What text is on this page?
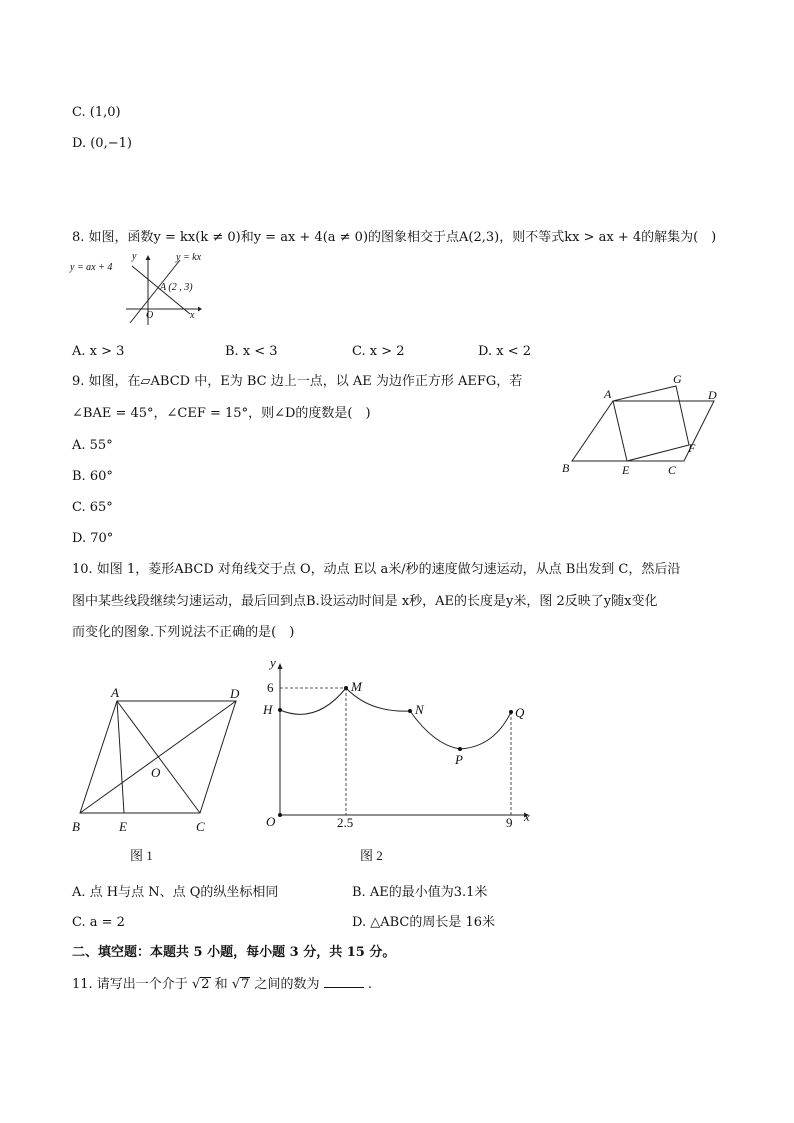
C. (1,0)
D. (0,−1)
8. 如图，函数y = kx(k ≠ 0)和y = ax + 4(a ≠ 0)的图象相交于点A(2,3)，则不等式kx > ax + 4的解集为(　)
y = ax + 4
y = kx
A (2 , 3)
O	x
y
A. x > 3	B. x < 3	C. x > 2	D. x < 2
9. 如图，在▱ABCD 中，E为 BC 边上一点，以 AE 为边作正方形 AEFG，若
∠BAE = 45°，∠CEF = 15°，则∠D的度数是(　)
A. 55°
B. 60°
C. 65°
D. 70°
A
G
D
F
B	E	C
10. 如图 1，菱形ABCD 对角线交于点 O，动点 E以 a米/秒的速度做匀速运动，从点 B出发到 C，然后沿
图中某些线段继续匀速运动，最后回到点B.设运动时间是 x秒，AE的长度是y米，图 2反映了y随x变化
而变化的图象.下列说法不正确的是(　)
A	D
O
B	E	C
图 1
y
x
O
6
2.5	9
H
M
N
P
Q
图 2
A. 点 H与点 N、点 Q的纵坐标相同	B. AE的最小值为3.1米
C. a = 2	D. △ABC的周长是 16米
二、填空题：本题共 5 小题，每小题 3 分，共 15 分。
11. 请写出一个介于 √2 和 √7 之间的数为	.
